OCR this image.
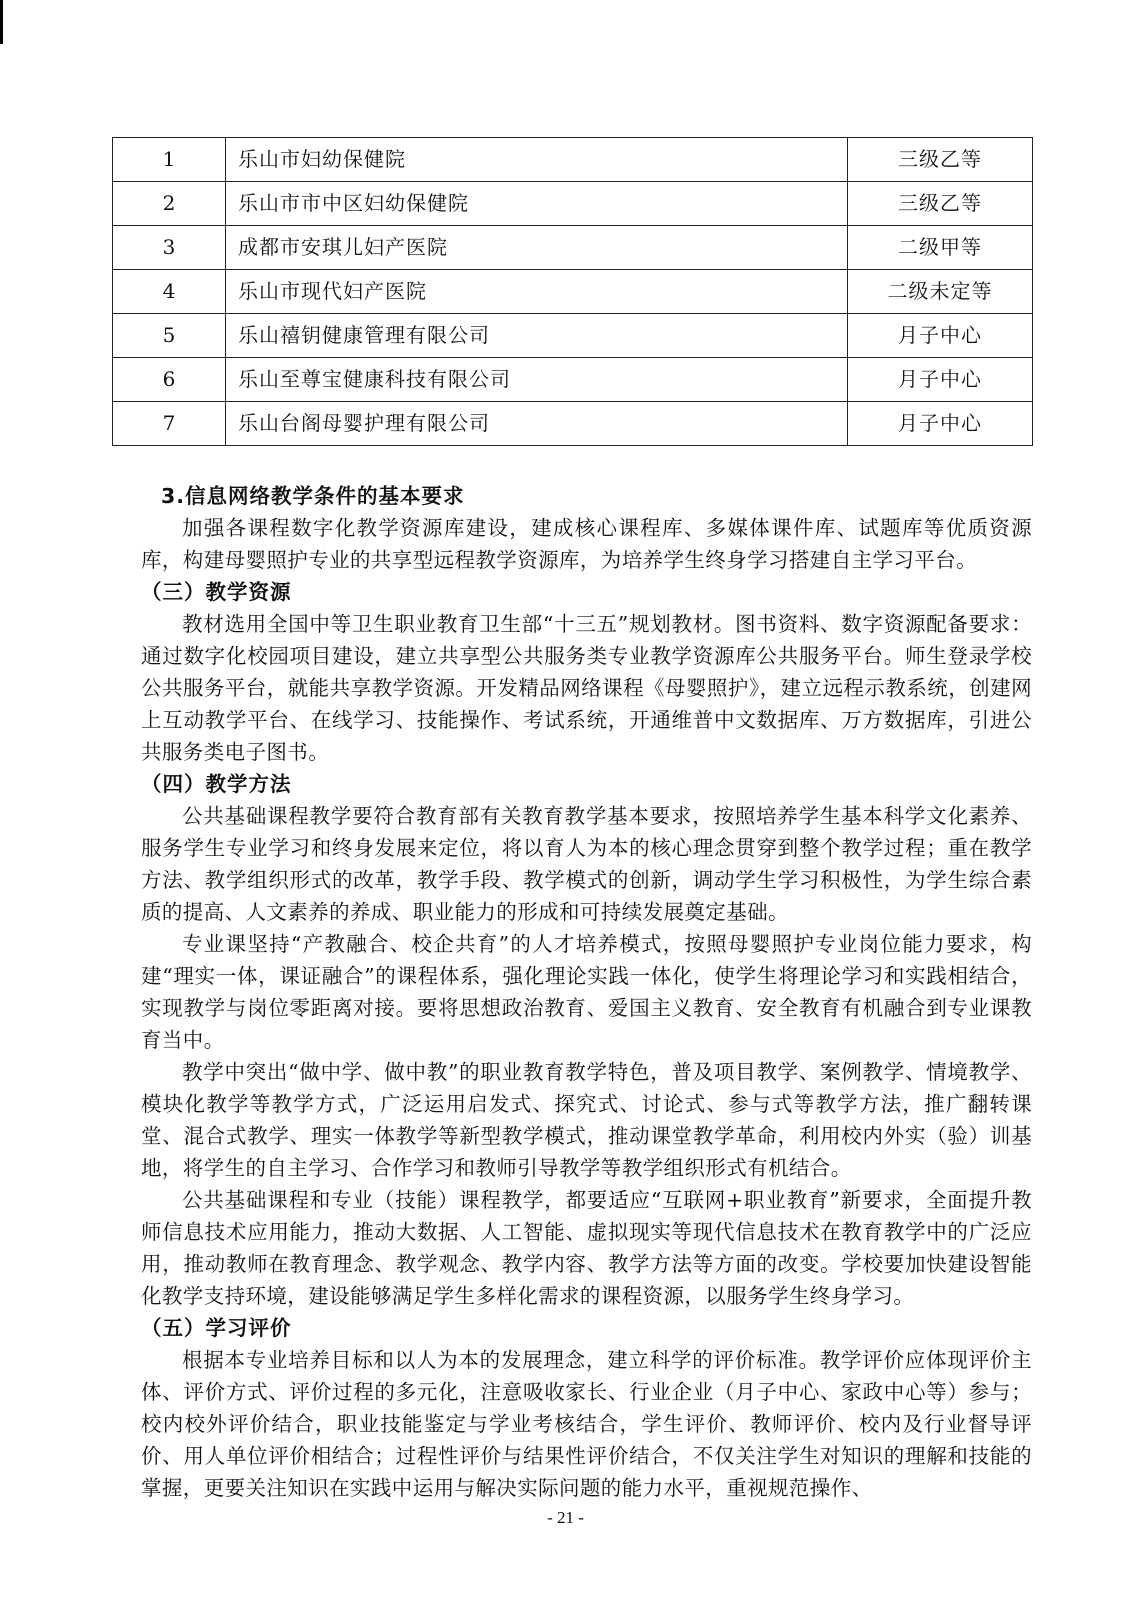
1	乐山市妇幼保健院	三级乙等
2	乐山市市中区妇幼保健院	三级乙等
3	成都市安琪儿妇产医院	二级甲等
4	乐山市现代妇产医院	二级未定等
5	乐山禧钥健康管理有限公司	月子中心
6	乐山至尊宝健康科技有限公司	月子中心
7	乐山台阁母婴护理有限公司	月子中心

3.信息网络教学条件的基本要求

加强各课程数字化教学资源库建设，建成核心课程库、多媒体课件库、试题库等优质资源库，构建母婴照护专业的共享型远程教学资源库，为培养学生终身学习搭建自主学习平台。

（三）教学资源

教材选用全国中等卫生职业教育卫生部“十三五”规划教材。图书资料、数字资源配备要求：通过数字化校园项目建设，建立共享型公共服务类专业教学资源库公共服务平台。师生登录学校公共服务平台，就能共享教学资源。开发精品网络课程《母婴照护》，建立远程示教系统，创建网上互动教学平台、在线学习、技能操作、考试系统，开通维普中文数据库、万方数据库，引进公共服务类电子图书。

（四）教学方法

公共基础课程教学要符合教育部有关教育教学基本要求，按照培养学生基本科学文化素养、服务学生专业学习和终身发展来定位，将以育人为本的核心理念贯穿到整个教学过程；重在教学方法、教学组织形式的改革，教学手段、教学模式的创新，调动学生学习积极性，为学生综合素质的提高、人文素养的养成、职业能力的形成和可持续发展奠定基础。

专业课坚持“产教融合、校企共育”的人才培养模式，按照母婴照护专业岗位能力要求，构建“理实一体，课证融合”的课程体系，强化理论实践一体化，使学生将理论学习和实践相结合，实现教学与岗位零距离对接。要将思想政治教育、爱国主义教育、安全教育有机融合到专业课教育当中。

教学中突出“做中学、做中教”的职业教育教学特色，普及项目教学、案例教学、情境教学、模块化教学等教学方式，广泛运用启发式、探究式、讨论式、参与式等教学方法，推广翻转课堂、混合式教学、理实一体教学等新型教学模式，推动课堂教学革命，利用校内外实（验）训基地，将学生的自主学习、合作学习和教师引导教学等教学组织形式有机结合。

公共基础课程和专业（技能）课程教学，都要适应“互联网+职业教育”新要求，全面提升教师信息技术应用能力，推动大数据、人工智能、虚拟现实等现代信息技术在教育教学中的广泛应用，推动教师在教育理念、教学观念、教学内容、教学方法等方面的改变。学校要加快建设智能化教学支持环境，建设能够满足学生多样化需求的课程资源，以服务学生终身学习。

（五）学习评价

根据本专业培养目标和以人为本的发展理念，建立科学的评价标准。教学评价应体现评价主体、评价方式、评价过程的多元化，注意吸收家长、行业企业（月子中心、家政中心等）参与；校内校外评价结合，职业技能鉴定与学业考核结合，学生评价、教师评价、校内及行业督导评价、用人单位评价相结合；过程性评价与结果性评价结合，不仅关注学生对知识的理解和技能的掌握，更要关注知识在实践中运用与解决实际问题的能力水平，重视规范操作、

- 21 -
